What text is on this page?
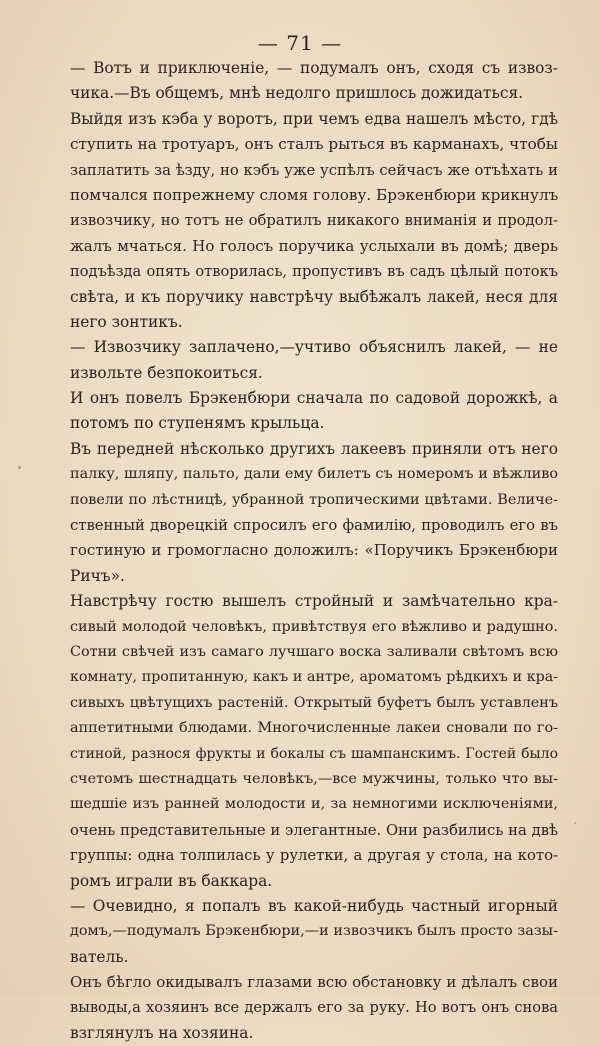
— 71 —
— Вотъ и приключеніе, — подумалъ онъ, сходя съ извоз-
чика.—Въ общемъ, мнѣ недолго пришлось дожидаться.
Выйдя изъ кэба у воротъ, при чемъ едва нашелъ мѣсто, гдѣ
ступить на тротуаръ, онъ сталъ рыться въ карманахъ, чтобы
заплатить за ѣзду, но кэбъ уже успѣлъ сейчасъ же отъѣхать и
помчался попрежнему сломя голову. Брэкенбюри крикнулъ
извозчику, но тотъ не обратилъ никакого вниманія и продол-
жалъ мчаться. Но голосъ поручика услыхали въ домѣ; дверь
подъѣзда опять отворилась, пропустивъ въ садъ цѣлый потокъ
свѣта, и къ поручику навстрѣчу выбѣжалъ лакей, неся для
него зонтикъ.
— Извозчику заплачено,—учтиво объяснилъ лакей, — не
извольте безпокоиться.
И онъ повелъ Брэкенбюри сначала по садовой дорожкѣ, а
потомъ по ступенямъ крыльца.
Въ передней нѣсколько другихъ лакеевъ приняли отъ него
палку, шляпу, пальто, дали ему билетъ съ номеромъ и вѣжливо
повели по лѣстницѣ, убранной тропическими цвѣтами. Величе-
ственный дворецкій спросилъ его фамилію, проводилъ его въ
гостиную и громогласно доложилъ: «Поручикъ Брэкенбюри
Ричъ».
Навстрѣчу гостю вышелъ стройный и замѣчательно кра-
сивый молодой человѣкъ, привѣтствуя его вѣжливо и радушно.
Сотни свѣчей изъ самаго лучшаго воска заливали свѣтомъ всю
комнату, пропитанную, какъ и антре, ароматомъ рѣдкихъ и кра-
сивыхъ цвѣтущихъ растеній. Открытый буфетъ былъ уставленъ
аппетитными блюдами. Многочисленные лакеи сновали по го-
стиной, разнося фрукты и бокалы съ шампанскимъ. Гостей было
счетомъ шестнадцать человѣкъ,—все мужчины, только что вы-
шедшіе изъ ранней молодости и, за немногими исключеніями,
очень представительные и элегантные. Они разбились на двѣ
группы: одна толпилась у рулетки, а другая у стола, на кото-
ромъ играли въ баккара.
— Очевидно, я попалъ въ какой-нибудь частный игорный
домъ,—подумалъ Брэкенбюри,—и извозчикъ былъ просто зазы-
ватель.
Онъ бѣгло окидывалъ глазами всю обстановку и дѣлалъ свои
выводы,а хозяинъ все держалъ его за руку. Но вотъ онъ снова
взглянулъ на хозяина.
